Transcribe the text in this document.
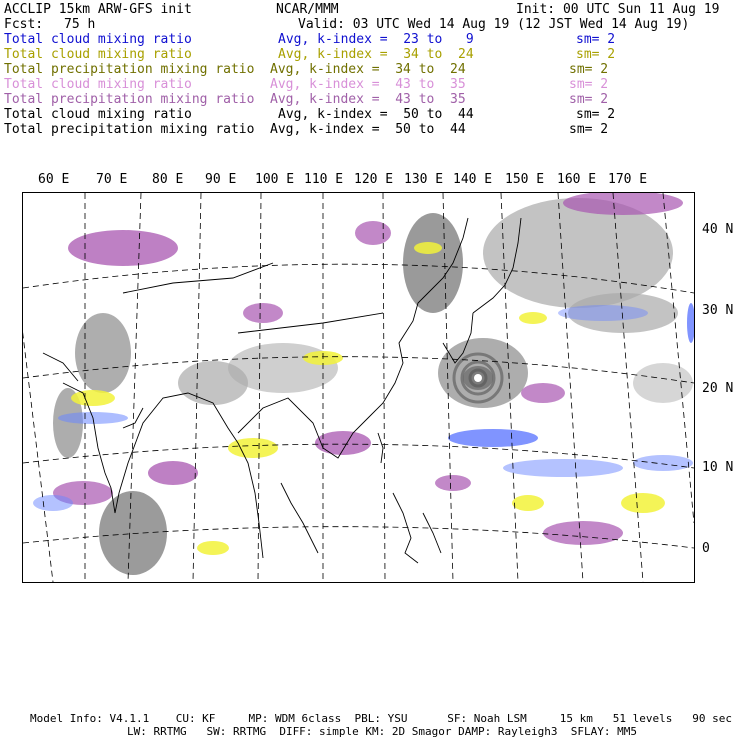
ACCLIP 15km ARW-GFS init	NCAR/MMM	Init: 00 UTC Sun 11 Aug 19
Fcst: 75 h	Valid: 03 UTC Wed 14 Aug 19 (12 JST Wed 14 Aug 19)
Total cloud mixing ratio	Avg, k-index =  23 to   9	sm= 2
Total cloud mixing ratio	Avg, k-index =  34 to  24	sm= 2
Total precipitation mixing ratio Avg, k-index =  34 to  24	sm= 2
Total cloud mixing ratio	Avg, k-index =  43 to  35	sm= 2
Total precipitation mixing ratio Avg, k-index =  43 to  35	sm= 2
Total cloud mixing ratio	Avg, k-index =  50 to  44	sm= 2
Total precipitation mixing ratio Avg, k-index =  50 to  44	sm= 2
60 E 70 E 80 E 90 E 100 E 110 E 120 E 130 E 140 E 150 E 160 E 170 E
40 N
30 N
20 N
10 N
0
Model Info: V4.1.1    CU: KF     MP: WDM 6class  PBL: YSU      SF: Noah LSM     15 km   51 levels   90 sec
LW: RRTMG   SW: RRTMG  DIFF: simple KM: 2D Smagor DAMP: Rayleigh3  SFLAY: MM5
